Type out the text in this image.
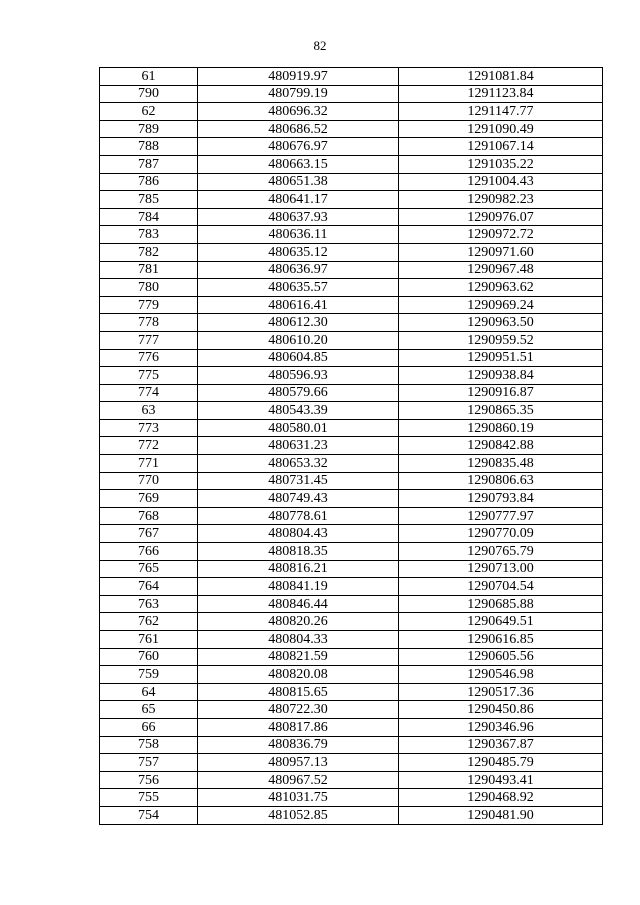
82
61	480919.97	1291081.84
790	480799.19	1291123.84
62	480696.32	1291147.77
789	480686.52	1291090.49
788	480676.97	1291067.14
787	480663.15	1291035.22
786	480651.38	1291004.43
785	480641.17	1290982.23
784	480637.93	1290976.07
783	480636.11	1290972.72
782	480635.12	1290971.60
781	480636.97	1290967.48
780	480635.57	1290963.62
779	480616.41	1290969.24
778	480612.30	1290963.50
777	480610.20	1290959.52
776	480604.85	1290951.51
775	480596.93	1290938.84
774	480579.66	1290916.87
63	480543.39	1290865.35
773	480580.01	1290860.19
772	480631.23	1290842.88
771	480653.32	1290835.48
770	480731.45	1290806.63
769	480749.43	1290793.84
768	480778.61	1290777.97
767	480804.43	1290770.09
766	480818.35	1290765.79
765	480816.21	1290713.00
764	480841.19	1290704.54
763	480846.44	1290685.88
762	480820.26	1290649.51
761	480804.33	1290616.85
760	480821.59	1290605.56
759	480820.08	1290546.98
64	480815.65	1290517.36
65	480722.30	1290450.86
66	480817.86	1290346.96
758	480836.79	1290367.87
757	480957.13	1290485.79
756	480967.52	1290493.41
755	481031.75	1290468.92
754	481052.85	1290481.90
